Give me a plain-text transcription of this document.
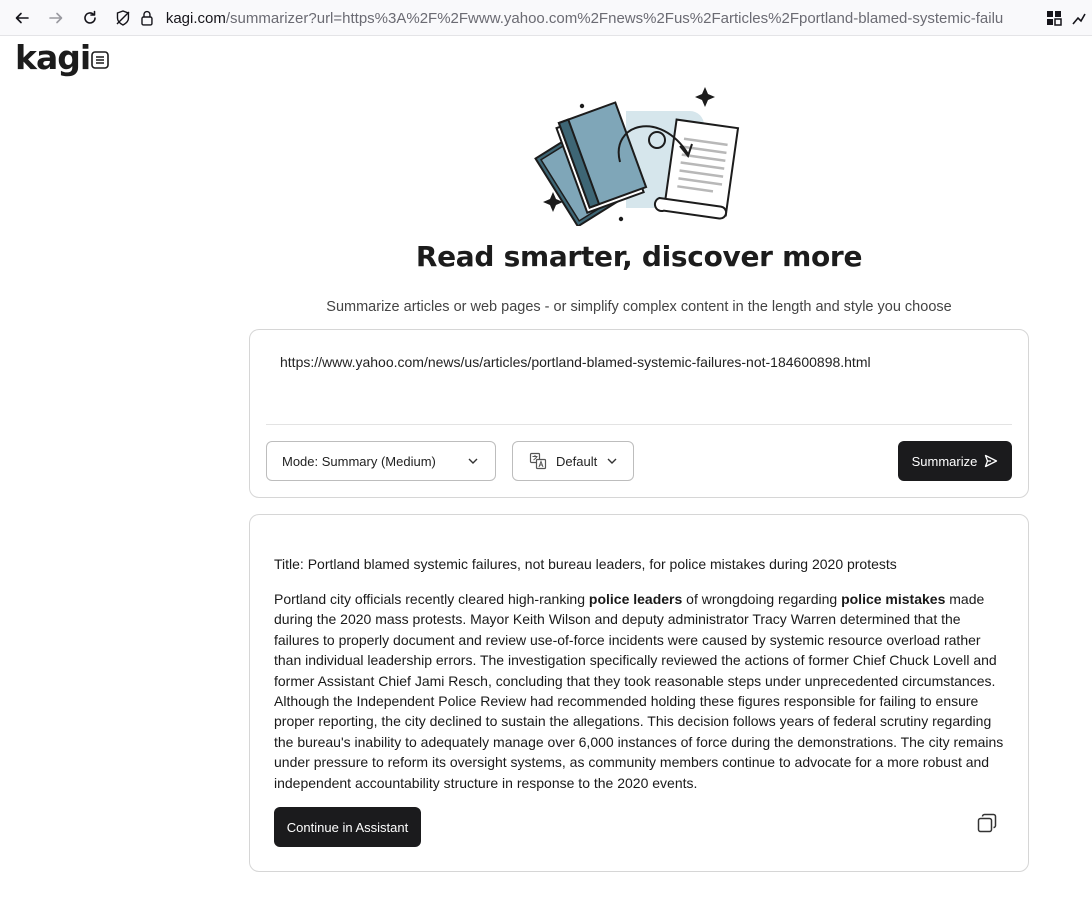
kagi.com/summarizer?url=https%3A%2F%2Fwww.yahoo.com%2Fnews%2Fus%2Farticles%2Fportland-blamed-systemic-failu
kagi
Read smarter, discover more
Summarize articles or web pages - or simplify complex content in the length and style you choose
https://www.yahoo.com/news/us/articles/portland-blamed-systemic-failures-not-184600898.html
Mode: Summary (Medium)	Default	Summarize
Title: Portland blamed systemic failures, not bureau leaders, for police mistakes during 2020 protests
Portland city officials recently cleared high-ranking police leaders of wrongdoing regarding police mistakes made during the 2020 mass protests. Mayor Keith Wilson and deputy administrator Tracy Warren determined that the failures to properly document and review use-of-force incidents were caused by systemic resource overload rather than individual leadership errors. The investigation specifically reviewed the actions of former Chief Chuck Lovell and former Assistant Chief Jami Resch, concluding that they took reasonable steps under unprecedented circumstances. Although the Independent Police Review had recommended holding these figures responsible for failing to ensure proper reporting, the city declined to sustain the allegations. This decision follows years of federal scrutiny regarding the bureau's inability to adequately manage over 6,000 instances of force during the demonstrations. The city remains under pressure to reform its oversight systems, as community members continue to advocate for a more robust and independent accountability structure in response to the 2020 events.
Continue in Assistant
